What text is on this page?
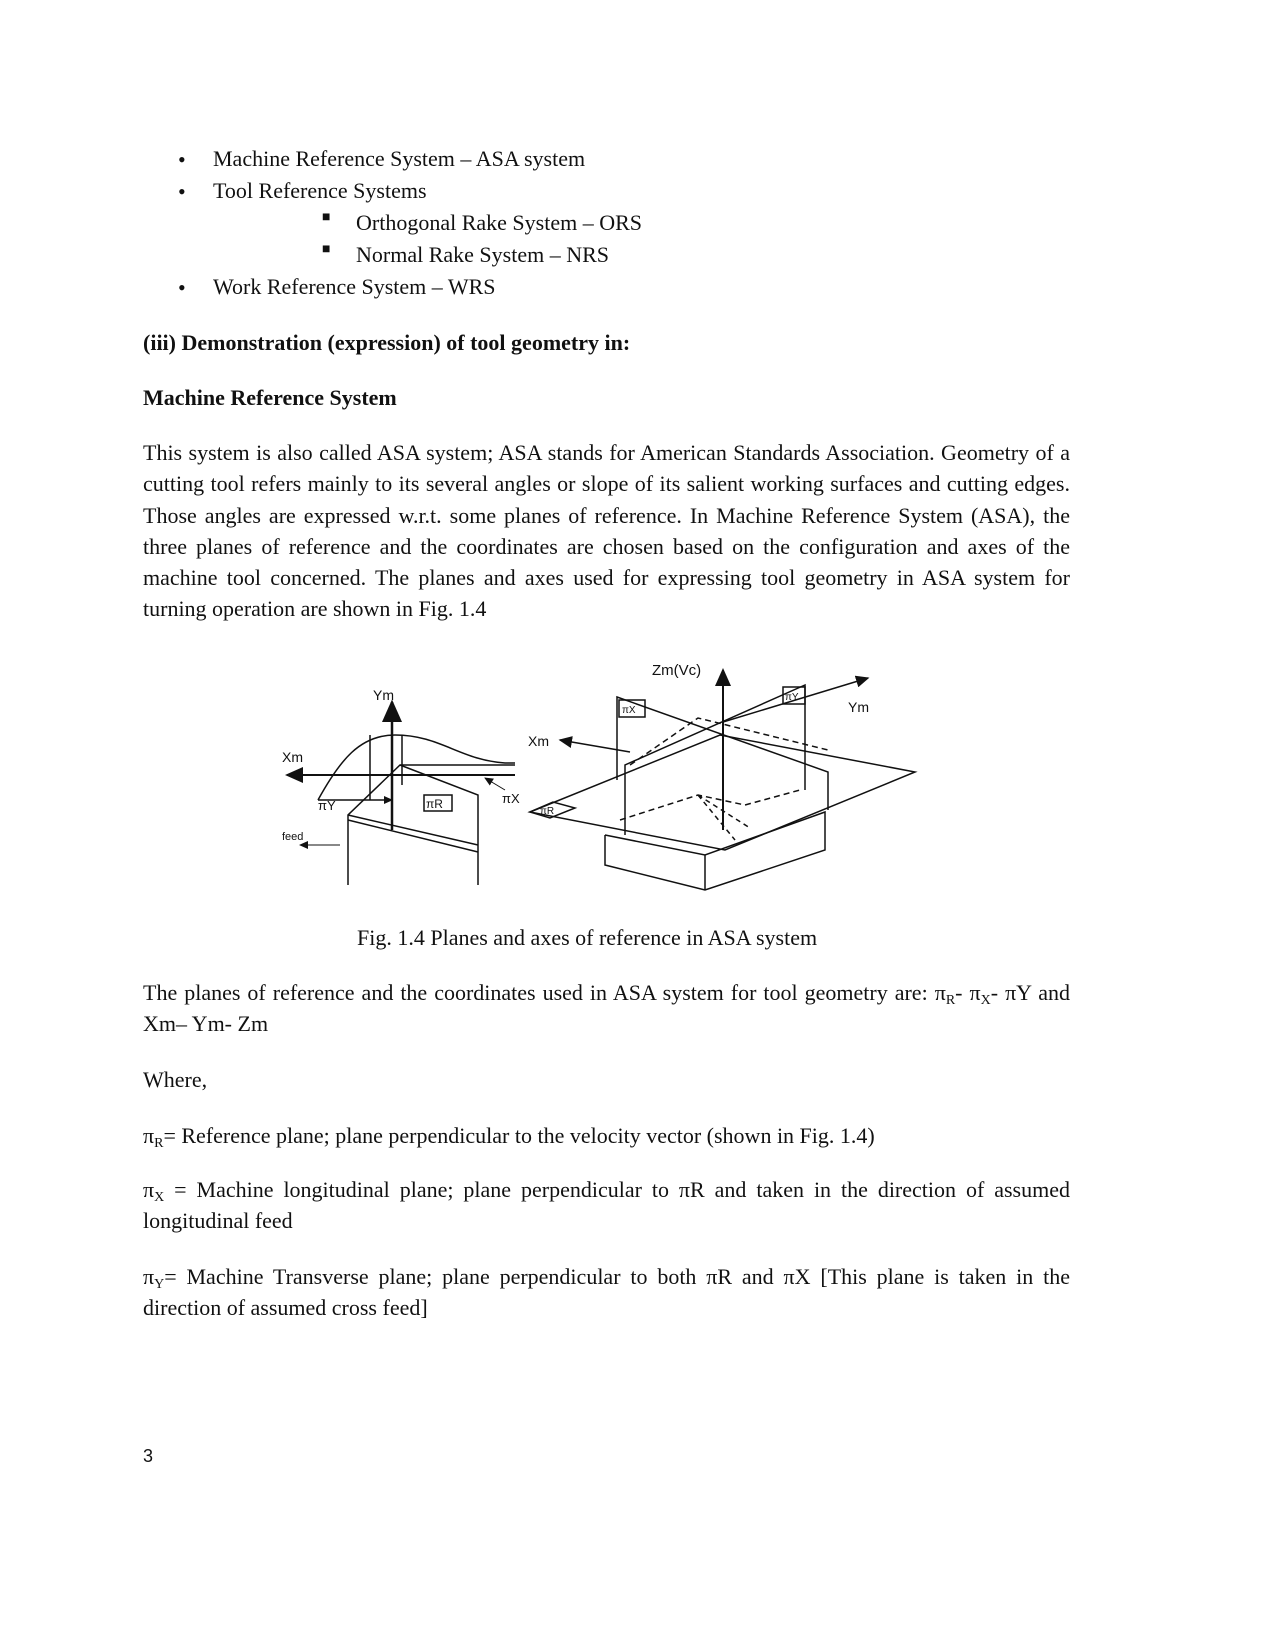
• Machine Reference System – ASA system
• Tool Reference Systems
■ Orthogonal Rake System – ORS
■ Normal Rake System – NRS
• Work Reference System – WRS
(iii) Demonstration (expression) of tool geometry in:
Machine Reference System
This system is also called ASA system; ASA stands for American Standards Association. Geometry of a cutting tool refers mainly to its several angles or slope of its salient working surfaces and cutting edges. Those angles are expressed w.r.t. some planes of reference. In Machine Reference System (ASA), the three planes of reference and the coordinates are chosen based on the configuration and axes of the machine tool concerned. The planes and axes used for expressing tool geometry in ASA system for turning operation are shown in Fig. 1.4
Ym
Xm
πY	πR	πX
feed
Zm(Vc)
Ym
Xm
πX
πY
πR
Fig. 1.4 Planes and axes of reference in ASA system
The planes of reference and the coordinates used in ASA system for tool geometry are: $\pi_R-$ $\pi_X-$ πY and Xm– Ym- Zm
Where,
$\pi_R=$ Reference plane; plane perpendicular to the velocity vector (shown in Fig. 1.4)
$\pi_X$ = Machine longitudinal plane; plane perpendicular to πR and taken in the direction of assumed longitudinal feed
$\pi_Y=$ Machine Transverse plane; plane perpendicular to both πR and πX [This plane is taken in the direction of assumed cross feed]
3
